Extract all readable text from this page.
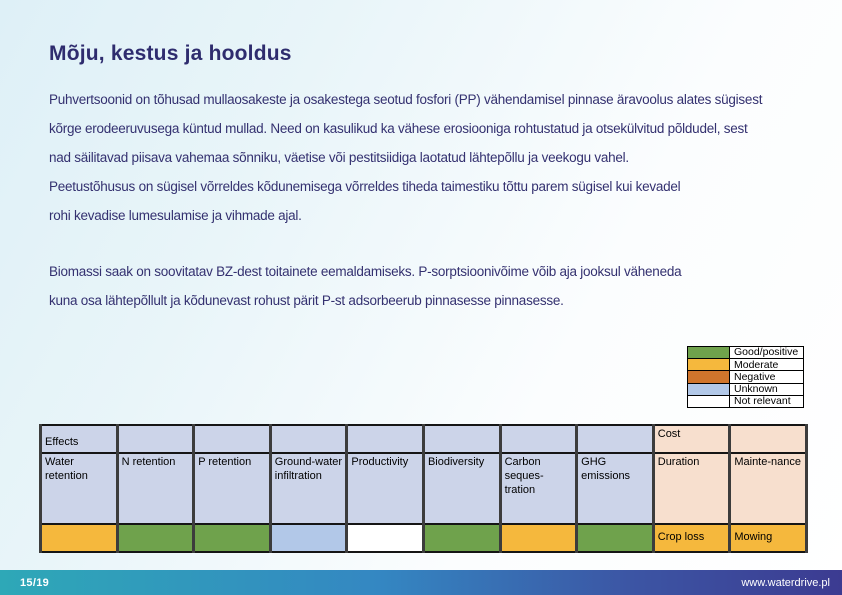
Mõju, kestus ja hooldus
Puhvertsoonid on tõhusad mullaosakeste ja osakestega seotud fosfori (PP) vähendamisel pinnase äravoolus alates sügisest
kõrge erodeeruvusega küntud mullad. Need on kasulikud ka vähese erosiooniga rohtustatud ja otsekülvitud põldudel, sest
nad säilitavad piisava vahemaa sõnniku, väetise või pestitsiidiga laotatud lähtepõllu ja veekogu vahel.
Peetustõhusus on sügisel võrreldes kõdunemisega võrreldes tiheda taimestiku tõttu parem sügisel kui kevadel
rohi kevadise lumesulamise ja vihmade ajal.
Biomassi saak on soovitatav BZ-dest toitainete eemaldamiseks. P-sorptsioonivõime võib aja jooksul väheneda
kuna osa lähtepõllult ja kõdunevast rohust pärit P-st adsorbeerub pinnasesse pinnasesse.
	Good/positive
	Moderate
	Negative
	Unknown
	Not relevant
Effects								Cost	
Water retention	N retention	P retention	Ground-water infiltration	Productivity	Biodiversity	Carbon seques-tration	GHG emissions	Duration	Mainte-nance
								Crop loss	Mowing
15/19	www.waterdrive.pl
